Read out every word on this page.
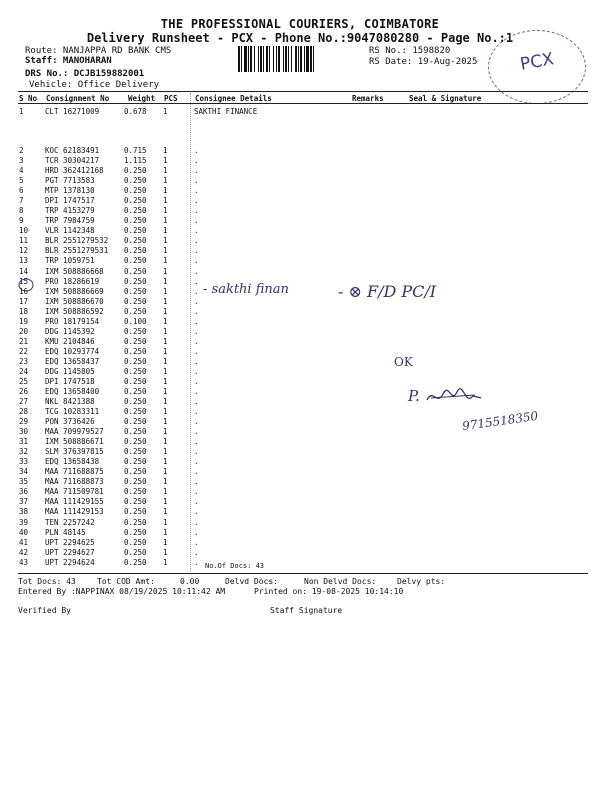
THE PROFESSIONAL COURIERS, COIMBATORE
Delivery Runsheet - PCX - Phone No.:9047080280 - Page No.:1
Route: NANJAPPA RD BANK CMS
Staff: MANOHARAN
DRS No.: DCJB159882001
Vehicle: Office Delivery
RS No.: 1598820
RS Date: 19-Aug-2025	PCX
S No Consignment No	Weight PCS Consignee Details	Remarks	Seal & Signature
1	CLT 16271009	0.678 1	SAKTHI FINANCE
2	KOC 62183491	0.715 1	.
3	TCR 30304217	1.115 1	.
4	HRD 362412168	0.250 1	.
5	PGT 7713583	0.250 1	.
6	MTP 1378130	0.250 1	.
7	DPI 1747517	0.250 1	.
8	TRP 4153279	0.250 1	.
9	TRP 7984759	0.250 1	.
10 VLR 1142348	0.250 1	.
11 BLR 2551279532 0.250 1	.
12 BLR 2551279531 0.250 1	.
13 TRP 1059751	0.250 1	.
14 IXM 508886668	0.250 1	.
15 PRO 18286619	0.250 1	.
16 IXM 508886669	0.250 1	.
17 IXM 508886670	0.250 1	.
18 IXM 508886592	0.250 1	.
19 PRO 18179154	0.100 1	.
20 DDG 1145392	0.250 1	.
21 KMU 2104846	0.250 1	.
22 EDQ 10293774	0.250 1	.
23 EDQ 13658437	0.250 1	.
24 DDG 1145805	0.250 1	.
25 DPI 1747518	0.250 1	.
26 EDQ 13658400	0.250 1	.
27 NKL 8421388	0.250 1	.
28 TCG 10283311	0.250 1	.
29 PON 3736426	0.250 1	.
30 MAA 709979527	0.250 1	.
31 IXM 508886671	0.250 1	.
32 SLM 376397815	0.250 1	.
33 EDQ 13658438	0.250 1	.
34 MAA 711688875	0.250 1	.
35 MAA 711688873	0.250 1	.
36 MAA 711509781	0.250 1	.
37 MAA 111429155	0.250 1	.
38 MAA 111429153	0.250 1	.
39 TEN 2257242	0.250 1	.
40 PLN 48145	0.250 1	.
41 UPT 2294625	0.250 1	.
42 UPT 2294627	0.250 1	.
43 UPT 2294624	0.250 1	. No.Of Docs: 43
- sakthi finan	- ⊗ F/D PC/I
OK
P.
9715518350
Tot Docs: 43	Tot COD Amt:	0.00	Delvd Docs:	Non Delvd Docs:	Delvy pts:
Entered By :NAPPINAX 08/19/2025 10:11:42 AM	Printed on: 19-08-2025 10:14:10
Verified By	Staff Signature
